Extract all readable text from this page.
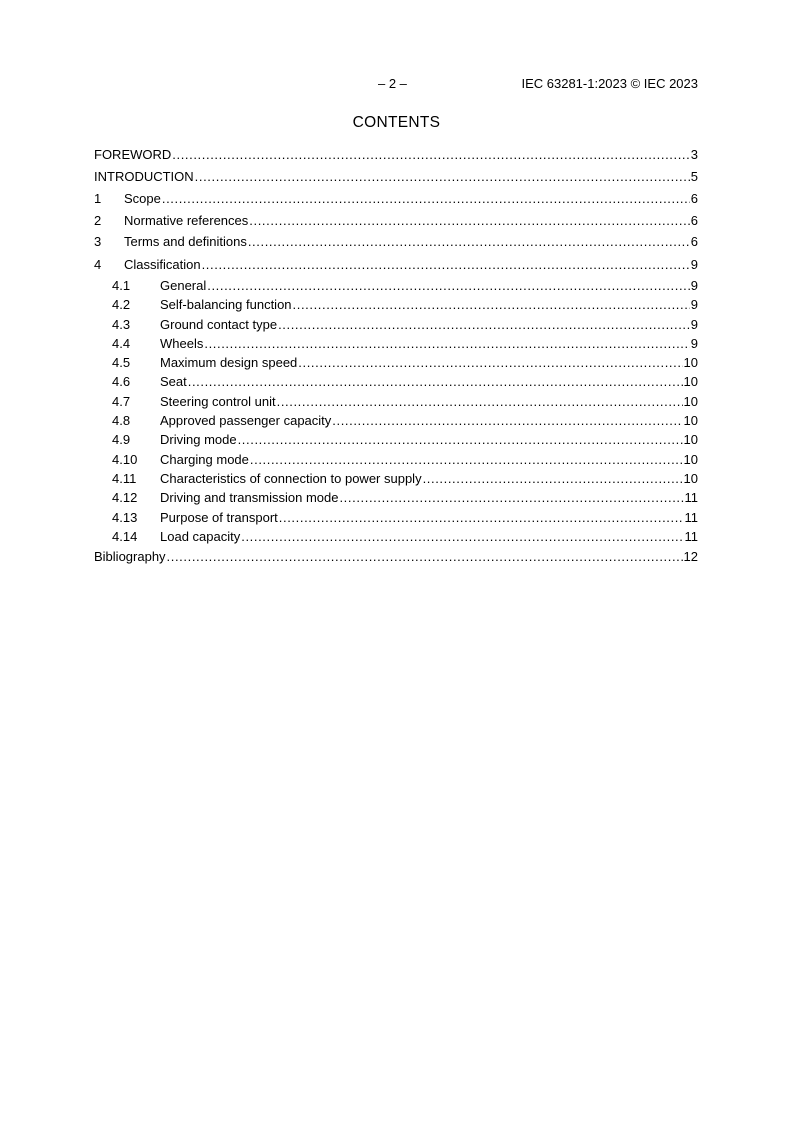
– 2 –	IEC 63281-1:2023 © IEC 2023
CONTENTS
FOREWORD .....	3
INTRODUCTION .....	5
1	Scope .....	6
2	Normative references .....	6
3	Terms and definitions .....	6
4	Classification .....	9
4.1	General .....	9
4.2	Self-balancing function .....	9
4.3	Ground contact type .....	9
4.4	Wheels .....	9
4.5	Maximum design speed .....	10
4.6	Seat .....	10
4.7	Steering control unit .....	10
4.8	Approved passenger capacity .....	10
4.9	Driving mode .....	10
4.10	Charging mode .....	10
4.11	Characteristics of connection to power supply .....	10
4.12	Driving and transmission mode .....	11
4.13	Purpose of transport .....	11
4.14	Load capacity .....	11
Bibliography .....	12
